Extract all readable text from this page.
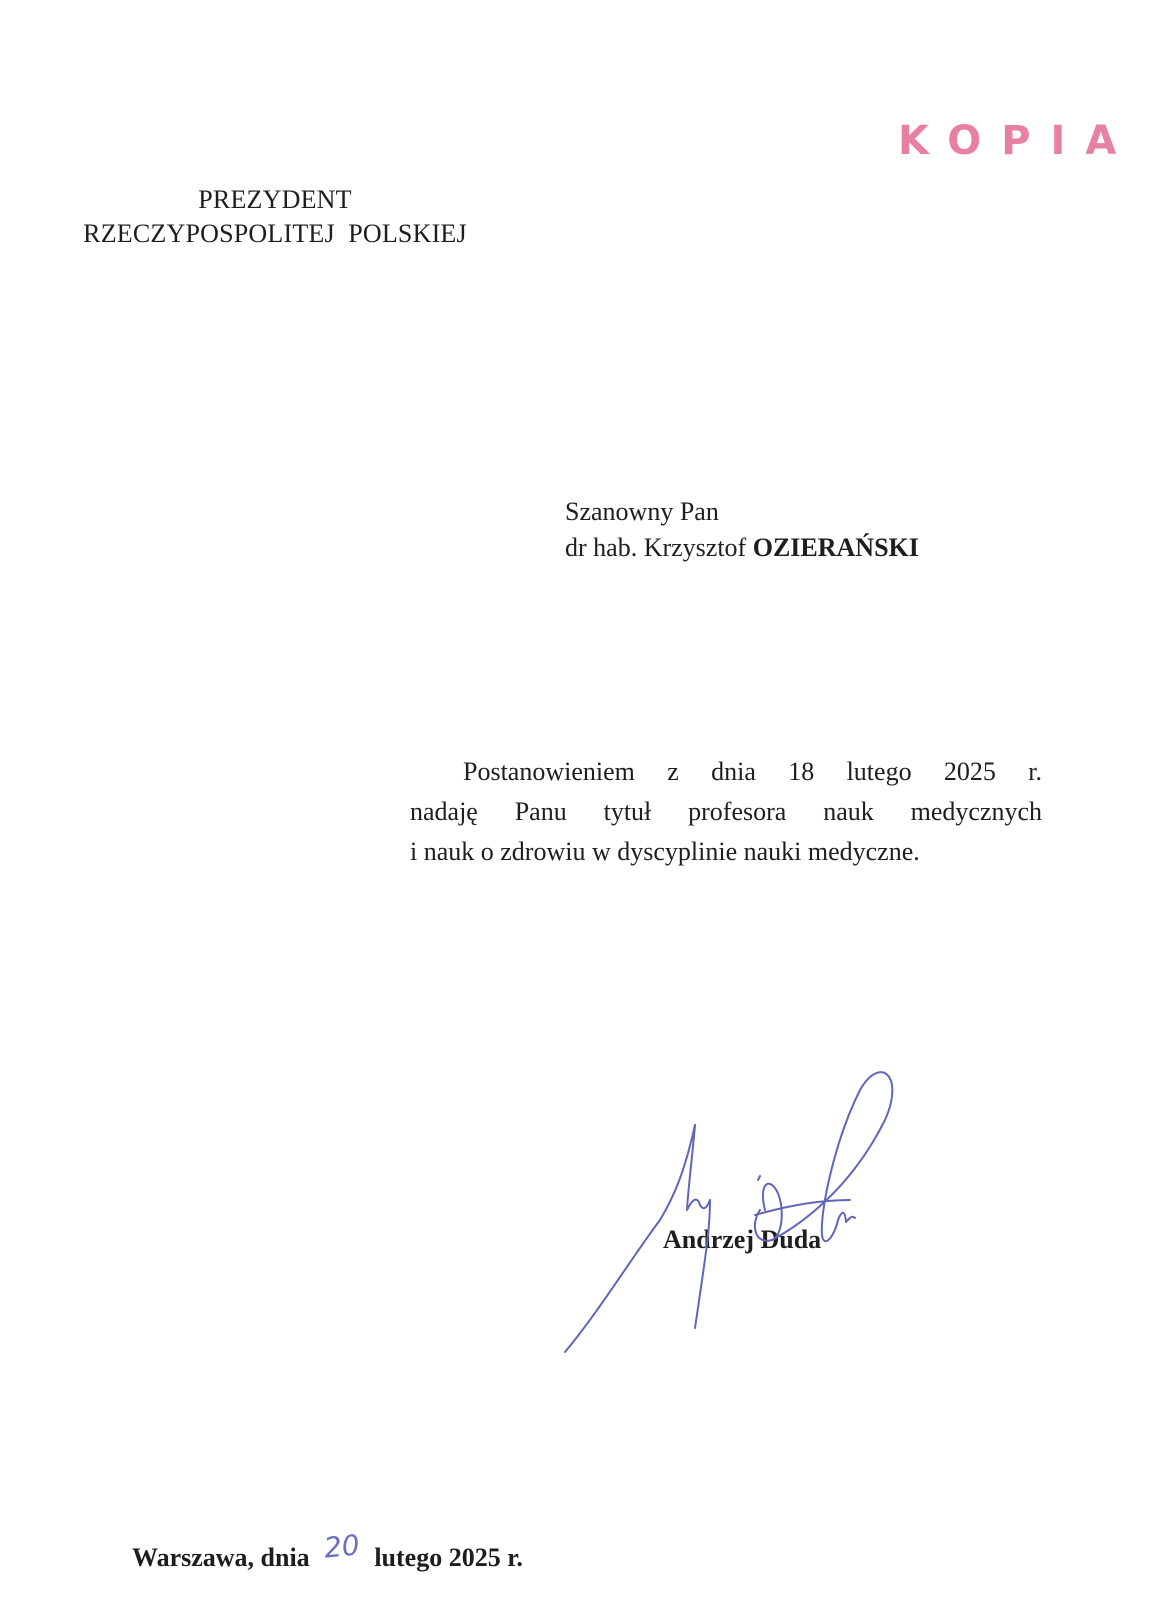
KOPIA
PREZYDENT
RZECZYPOSPOLITEJ  POLSKIEJ
Szanowny Pan
dr hab. Krzysztof OZIERAŃSKI
Postanowieniem z dnia 18 lutego 2025 r.
nadaję Panu tytuł profesora nauk medycznych
i nauk o zdrowiu w dyscyplinie nauki medyczne.
Andrzej Duda
Warszawa, dnia 20 lutego 2025 r.
